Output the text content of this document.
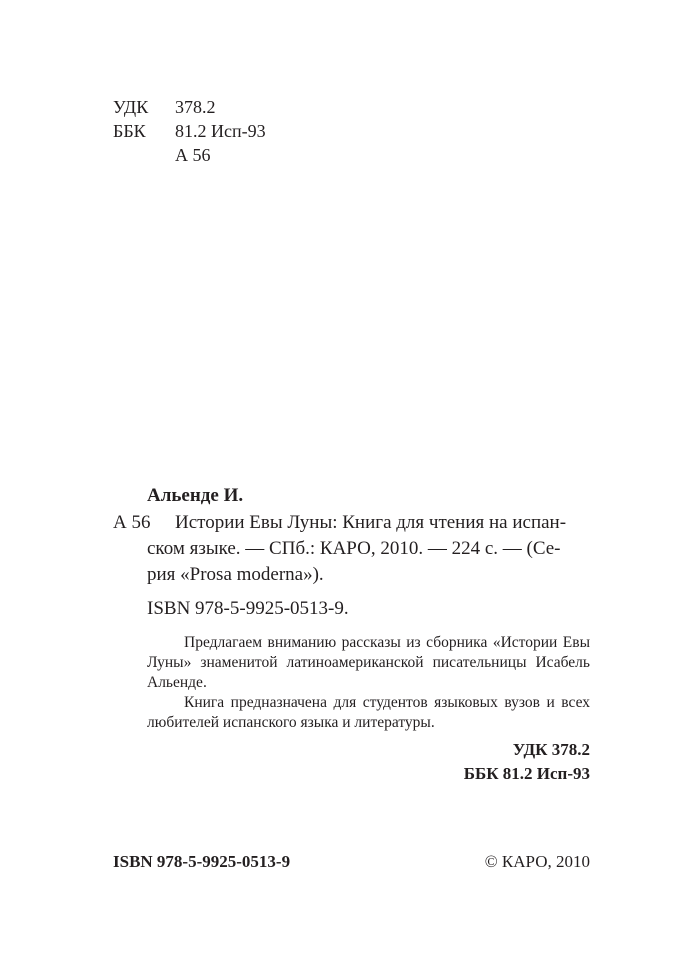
УДК 378.2
ББК 81.2 Исп-93
А 56
Альенде И.
А 56 Истории Евы Луны: Книга для чтения на испан-
ском языке. — СПб.: КАРО, 2010. — 224 с. — (Се-
рия «Prosa moderna»).
ISBN 978-5-9925-0513-9.

Предлагаем вниманию рассказы из сборника «Истории Евы Луны» знаменитой латиноамериканской писательницы Исабель Альенде.

Книга предназначена для студентов языковых вузов и всех любителей испанского языка и литературы.

УДК 378.2
ББК 81.2 Исп-93
ISBN 978-5-9925-0513-9	© КАРО, 2010
